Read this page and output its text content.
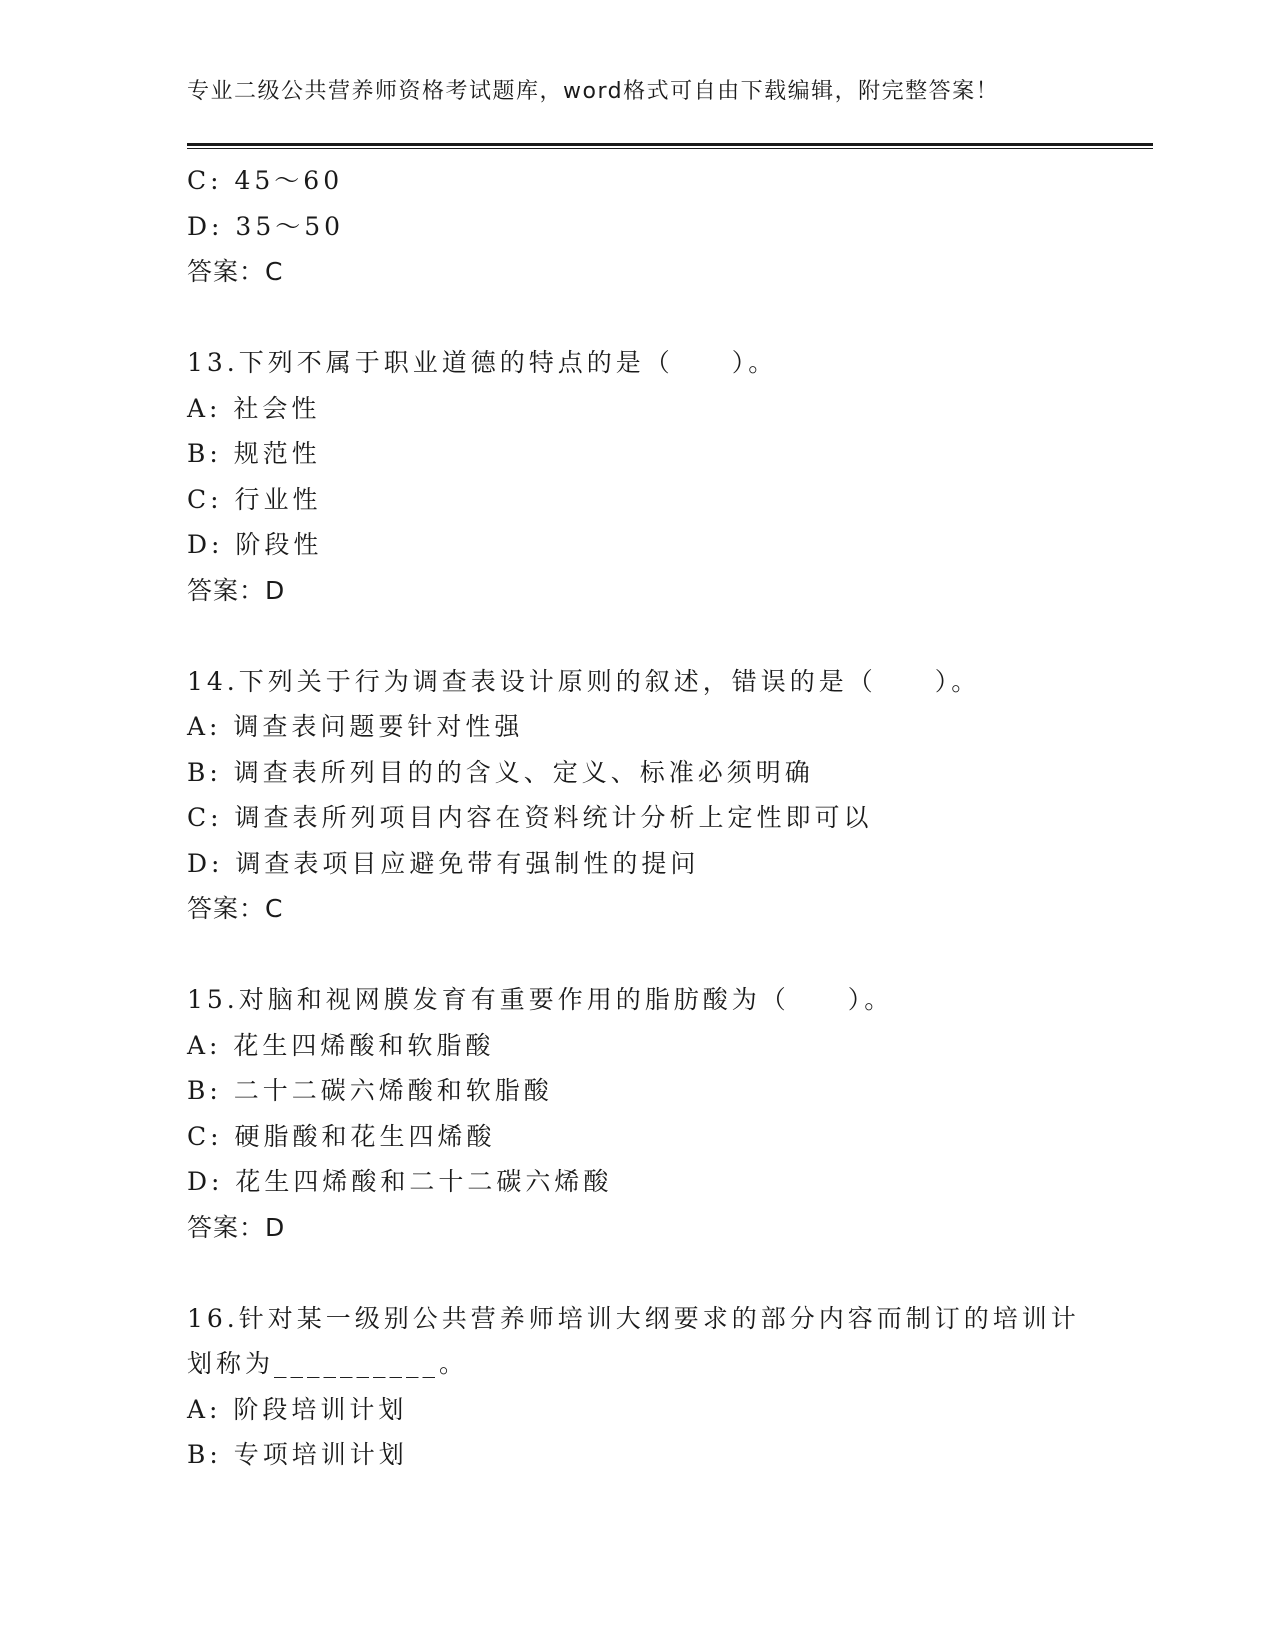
专业二级公共营养师资格考试题库，word格式可自由下载编辑，附完整答案！
C: 45～60
D: 35～50
答案：C
13.下列不属于职业道德的特点的是（　　）。
A: 社会性
B: 规范性
C: 行业性
D: 阶段性
答案：D
14.下列关于行为调查表设计原则的叙述，错误的是（　　）。
A: 调查表问题要针对性强
B: 调查表所列目的的含义、定义、标准必须明确
C: 调查表所列项目内容在资料统计分析上定性即可以
D: 调查表项目应避免带有强制性的提问
答案：C
15.对脑和视网膜发育有重要作用的脂肪酸为（　　）。
A: 花生四烯酸和软脂酸
B: 二十二碳六烯酸和软脂酸
C: 硬脂酸和花生四烯酸
D: 花生四烯酸和二十二碳六烯酸
答案：D
16.针对某一级别公共营养师培训大纲要求的部分内容而制订的培训计
划称为__________。
A: 阶段培训计划
B: 专项培训计划
